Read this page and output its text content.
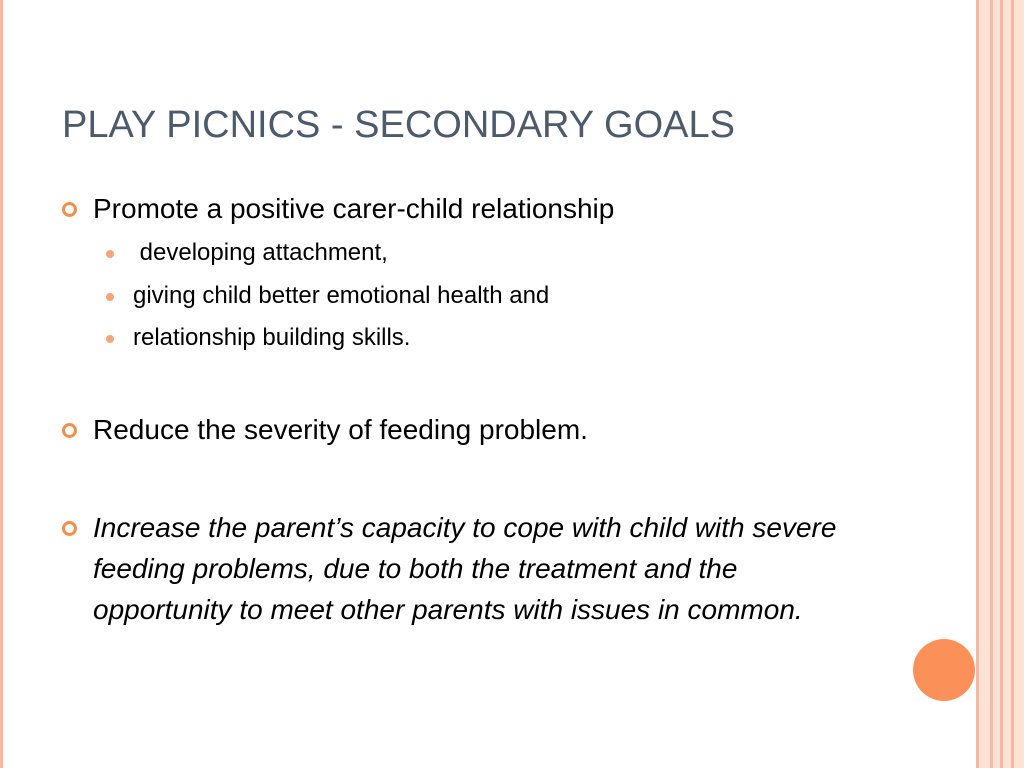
PLAY PICNICS - SECONDARY GOALS
Promote a positive carer-child relationship
developing attachment,
giving child better emotional health and
relationship building skills.
Reduce the severity of feeding problem.
Increase the parent’s capacity to cope with child with severe feeding problems, due to both the treatment and the opportunity to meet other parents with issues in common.
